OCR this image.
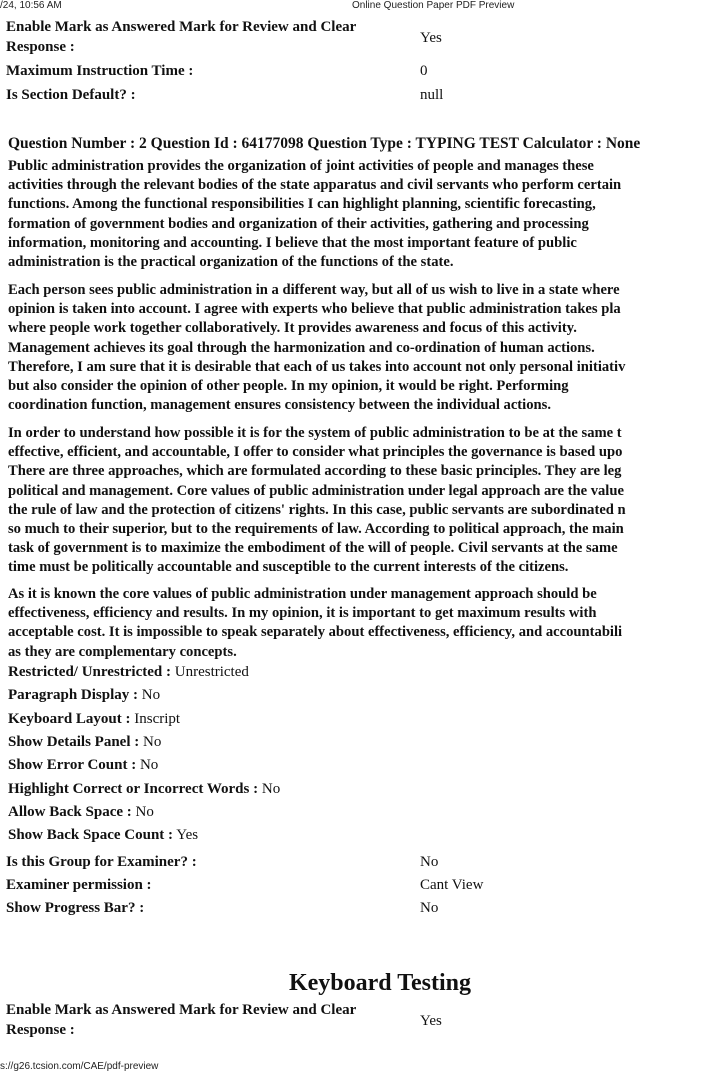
/24, 10:56 AM	Online Question Paper PDF Preview
Enable Mark as Answered Mark for Review and Clear
Response :
Yes
Maximum Instruction Time :	0
Is Section Default? :	null
Question Number : 2 Question Id : 64177098 Question Type : TYPING TEST Calculator : None
Restricted/ Unrestricted : Unrestricted
Paragraph Display : No
Keyboard Layout : Inscript
Show Details Panel : No
Show Error Count : No
Highlight Correct or Incorrect Words : No
Allow Back Space : No
Show Back Space Count : Yes
Is this Group for Examiner? :	No
Examiner permission :	Cant View
Show Progress Bar? :	No
Keyboard Testing
Enable Mark as Answered Mark for Review and Clear
Response :
Yes
s://g26.tcsion.com/CAE/pdf-preview
Public administration provides the organization of joint activities of people and manages these
activities through the relevant bodies of the state apparatus and civil servants who perform certain
functions. Among the functional responsibilities I can highlight planning, scientific forecasting,
formation of government bodies and organization of their activities, gathering and processing
information, monitoring and accounting. I believe that the most important feature of public
administration is the practical organization of the functions of the state.
Each person sees public administration in a different way, but all of us wish to live in a state where
opinion is taken into account. I agree with experts who believe that public administration takes pla
where people work together collaboratively. It provides awareness and focus of this activity.
Management achieves its goal through the harmonization and co-ordination of human actions.
Therefore, I am sure that it is desirable that each of us takes into account not only personal initiativ
but also consider the opinion of other people. In my opinion, it would be right. Performing
coordination function, management ensures consistency between the individual actions.
In order to understand how possible it is for the system of public administration to be at the same t
effective, efficient, and accountable, I offer to consider what principles the governance is based upo
There are three approaches, which are formulated according to these basic principles. They are leg
political and management. Core values of public administration under legal approach are the value
the rule of law and the protection of citizens' rights. In this case, public servants are subordinated n
so much to their superior, but to the requirements of law. According to political approach, the main
task of government is to maximize the embodiment of the will of people. Civil servants at the same
time must be politically accountable and susceptible to the current interests of the citizens.
As it is known the core values of public administration under management approach should be
effectiveness, efficiency and results. In my opinion, it is important to get maximum results with
acceptable cost. It is impossible to speak separately about effectiveness, efficiency, and accountabili
as they are complementary concepts.
